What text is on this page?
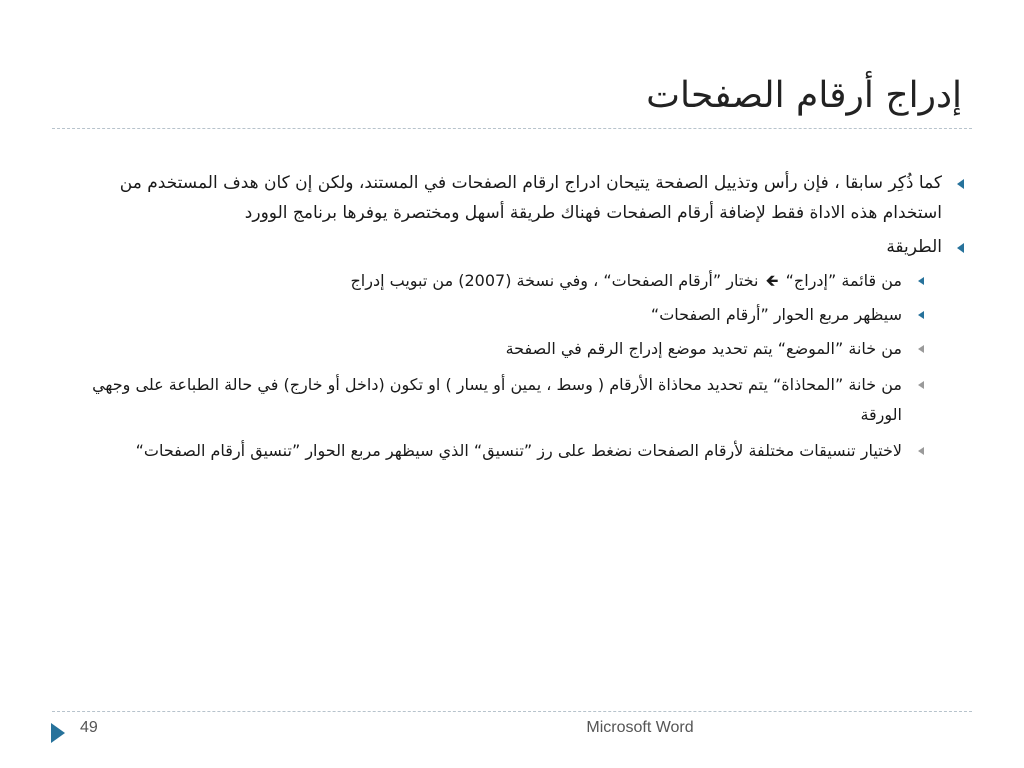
إدراج أرقام الصفحات
كما ذُكِر سابقا ، فإن رأس وتذييل الصفحة يتيحان ادراج ارقام الصفحات في المستند، ولكن إن كان هدف المستخدم من استخدام هذه الاداة فقط لإضافة أرقام الصفحات فهناك طريقة أسهل ومختصرة يوفرها برنامج الوورد
الطريقة
من قائمة ”إدراج“ 🡸 نختار ”أرقام الصفحات“ ، وفي نسخة (2007) من تبويب إدراج
سيظهر مربع الحوار ”أرقام الصفحات“
من خانة ”الموضع“ يتم تحديد موضع إدراج الرقم في الصفحة
من خانة ”المحاذاة“ يتم تحديد محاذاة الأرقام ( وسط ، يمين أو يسار ) او تكون (داخل أو خارج) في حالة الطباعة على وجهي الورقة
لاختيار تنسيقات مختلفة لأرقام الصفحات نضغط على رز ”تنسيق“ الذي سيظهر مربع الحوار ”تنسيق أرقام الصفحات“
49	Microsoft Word
